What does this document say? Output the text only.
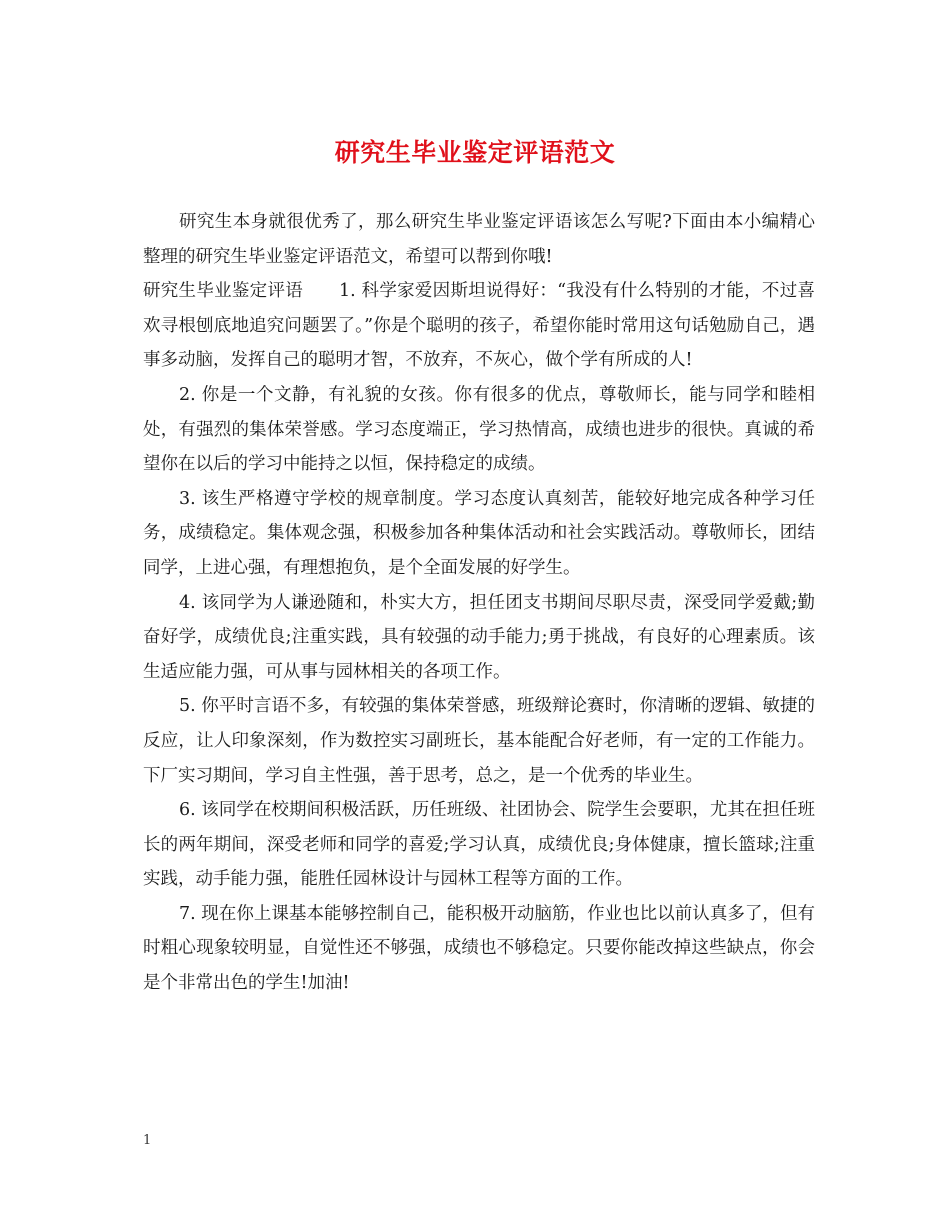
研究生毕业鉴定评语范文

研究生本身就很优秀了，那么研究生毕业鉴定评语该怎么写呢?下面由本小编精心整理的研究生毕业鉴定评语范文，希望可以帮到你哦!

研究生毕业鉴定评语 1. 科学家爱因斯坦说得好：“我没有什么特别的才能，不过喜欢寻根刨底地追究问题罢了。”你是个聪明的孩子，希望你能时常用这句话勉励自己，遇事多动脑，发挥自己的聪明才智，不放弃，不灰心，做个学有所成的人!

2. 你是一个文静，有礼貌的女孩。你有很多的优点，尊敬师长，能与同学和睦相处，有强烈的集体荣誉感。学习态度端正，学习热情高，成绩也进步的很快。真诚的希望你在以后的学习中能持之以恒，保持稳定的成绩。

3. 该生严格遵守学校的规章制度。学习态度认真刻苦，能较好地完成各种学习任务，成绩稳定。集体观念强，积极参加各种集体活动和社会实践活动。尊敬师长，团结同学，上进心强，有理想抱负，是个全面发展的好学生。

4. 该同学为人谦逊随和，朴实大方，担任团支书期间尽职尽责，深受同学爱戴;勤奋好学，成绩优良;注重实践，具有较强的动手能力;勇于挑战，有良好的心理素质。该生适应能力强，可从事与园林相关的各项工作。

5. 你平时言语不多，有较强的集体荣誉感，班级辩论赛时，你清晰的逻辑、敏捷的反应，让人印象深刻，作为数控实习副班长，基本能配合好老师，有一定的工作能力。下厂实习期间，学习自主性强，善于思考，总之，是一个优秀的毕业生。

6. 该同学在校期间积极活跃，历任班级、社团协会、院学生会要职，尤其在担任班长的两年期间，深受老师和同学的喜爱;学习认真，成绩优良;身体健康，擅长篮球;注重实践，动手能力强，能胜任园林设计与园林工程等方面的工作。

7. 现在你上课基本能够控制自己，能积极开动脑筋，作业也比以前认真多了，但有时粗心现象较明显，自觉性还不够强，成绩也不够稳定。只要你能改掉这些缺点，你会是个非常出色的学生!加油!

1
